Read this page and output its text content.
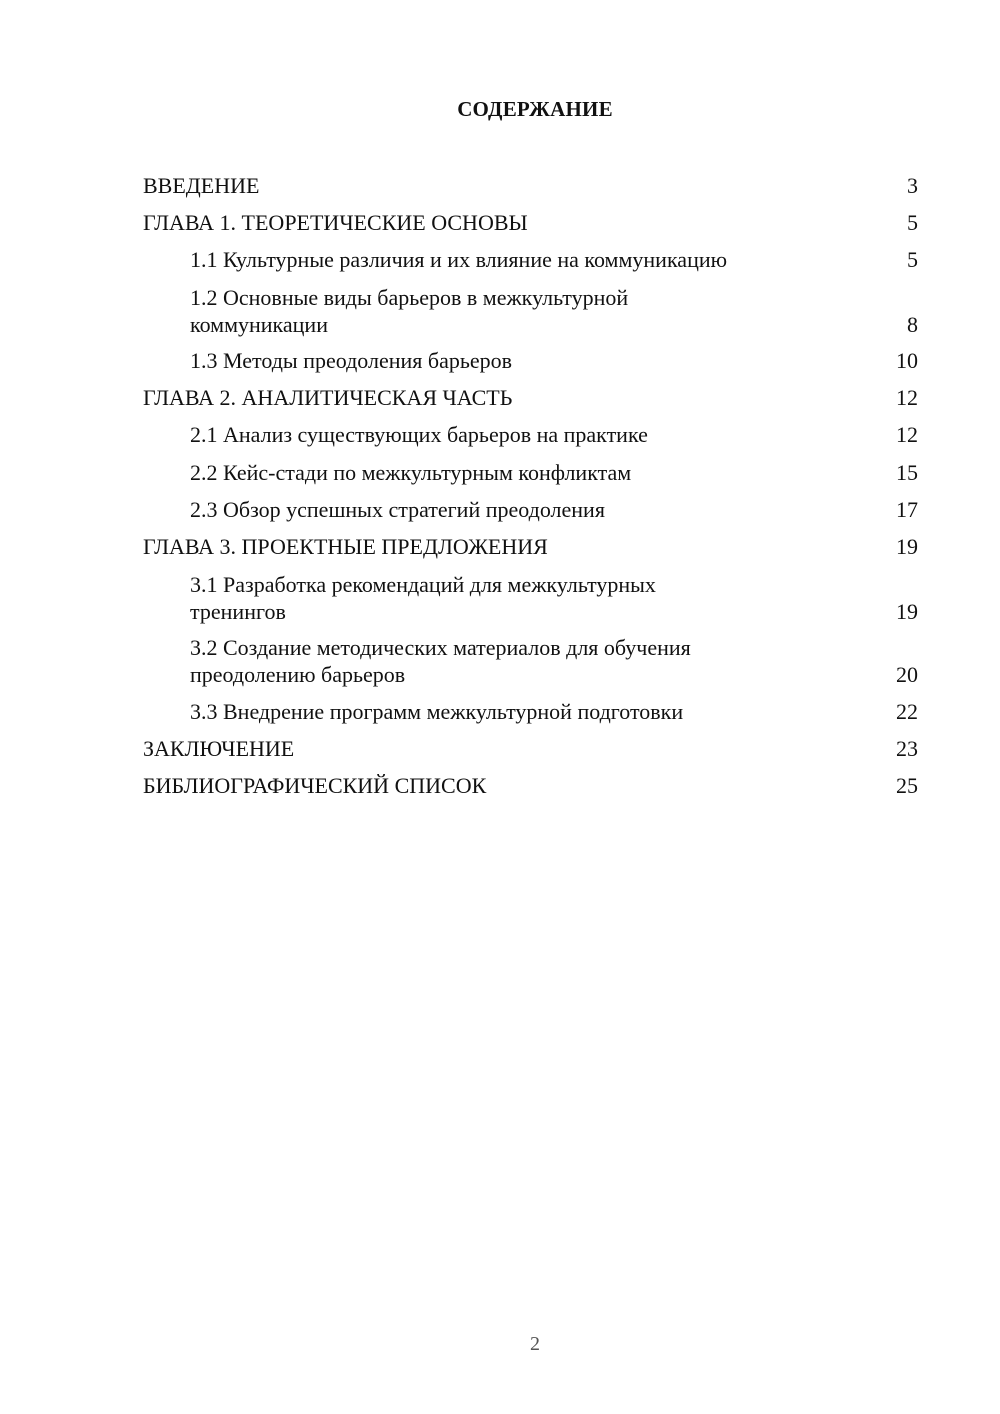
СОДЕРЖАНИЕ
ВВЕДЕНИЕ	3
ГЛАВА 1. ТЕОРЕТИЧЕСКИЕ ОСНОВЫ	5
1.1 Культурные различия и их влияние на коммуникацию	5
1.2 Основные виды барьеров в межкультурной
коммуникации	8
1.3 Методы преодоления барьеров	10
ГЛАВА 2. АНАЛИТИЧЕСКАЯ ЧАСТЬ	12
2.1 Анализ существующих барьеров на практике	12
2.2 Кейс-стади по межкультурным конфликтам	15
2.3 Обзор успешных стратегий преодоления	17
ГЛАВА 3. ПРОЕКТНЫЕ ПРЕДЛОЖЕНИЯ	19
3.1 Разработка рекомендаций для межкультурных
тренингов	19
3.2 Создание методических материалов для обучения
преодолению барьеров	20
3.3 Внедрение программ межкультурной подготовки	22
ЗАКЛЮЧЕНИЕ	23
БИБЛИОГРАФИЧЕСКИЙ СПИСОК	25
2
